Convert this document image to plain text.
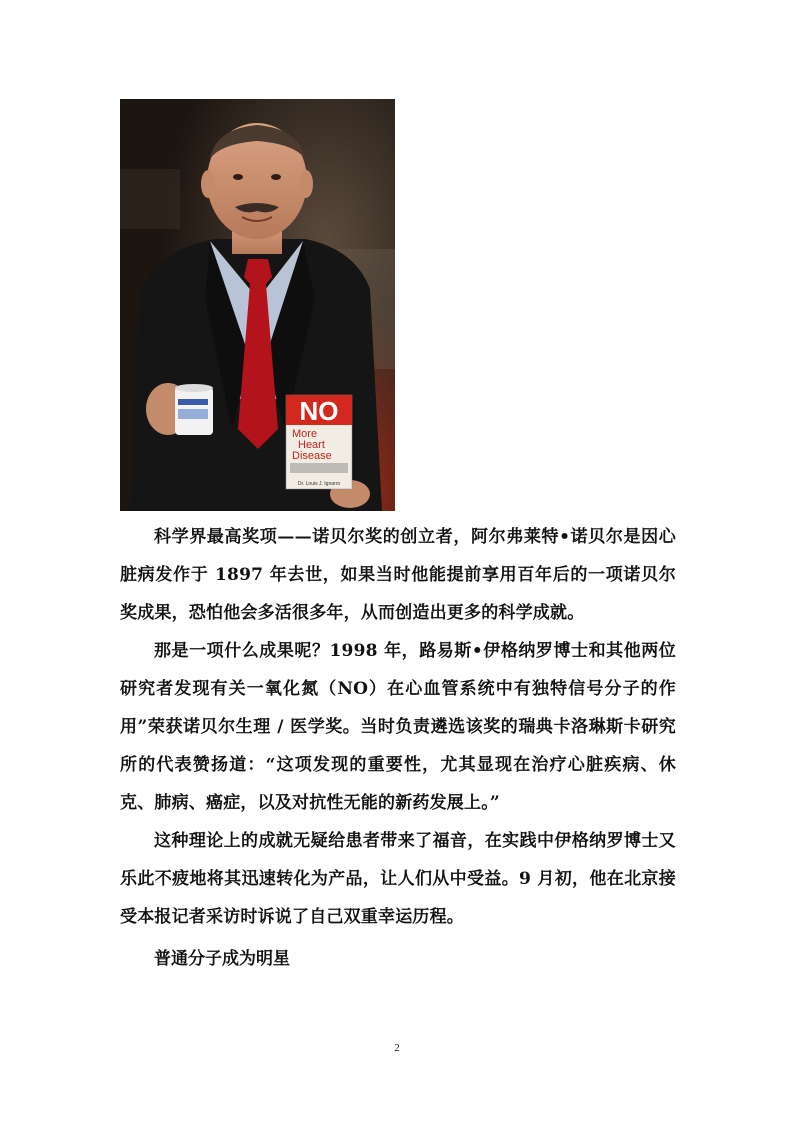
NO
More
Heart
Disease
Dr. Louis J. Ignarro

科学界最高奖项——诺贝尔奖的创立者，阿尔弗莱特•诺贝尔是因心脏病发作于 1897 年去世，如果当时他能提前享用百年后的一项诺贝尔奖成果，恐怕他会多活很多年，从而创造出更多的科学成就。

那是一项什么成果呢？1998 年，路易斯•伊格纳罗博士和其他两位研究者发现有关一氧化氮（NO）在心血管系统中有独特信号分子的作用”荣获诺贝尔生理 / 医学奖。当时负责遴选该奖的瑞典卡洛琳斯卡研究所的代表赞扬道：“这项发现的重要性，尤其显现在治疗心脏疾病、休克、肺病、癌症，以及对抗性无能的新药发展上。”

这种理论上的成就无疑给患者带来了福音，在实践中伊格纳罗博士又乐此不疲地将其迅速转化为产品，让人们从中受益。9 月初，他在北京接受本报记者采访时诉说了自己双重幸运历程。

普通分子成为明星

2
